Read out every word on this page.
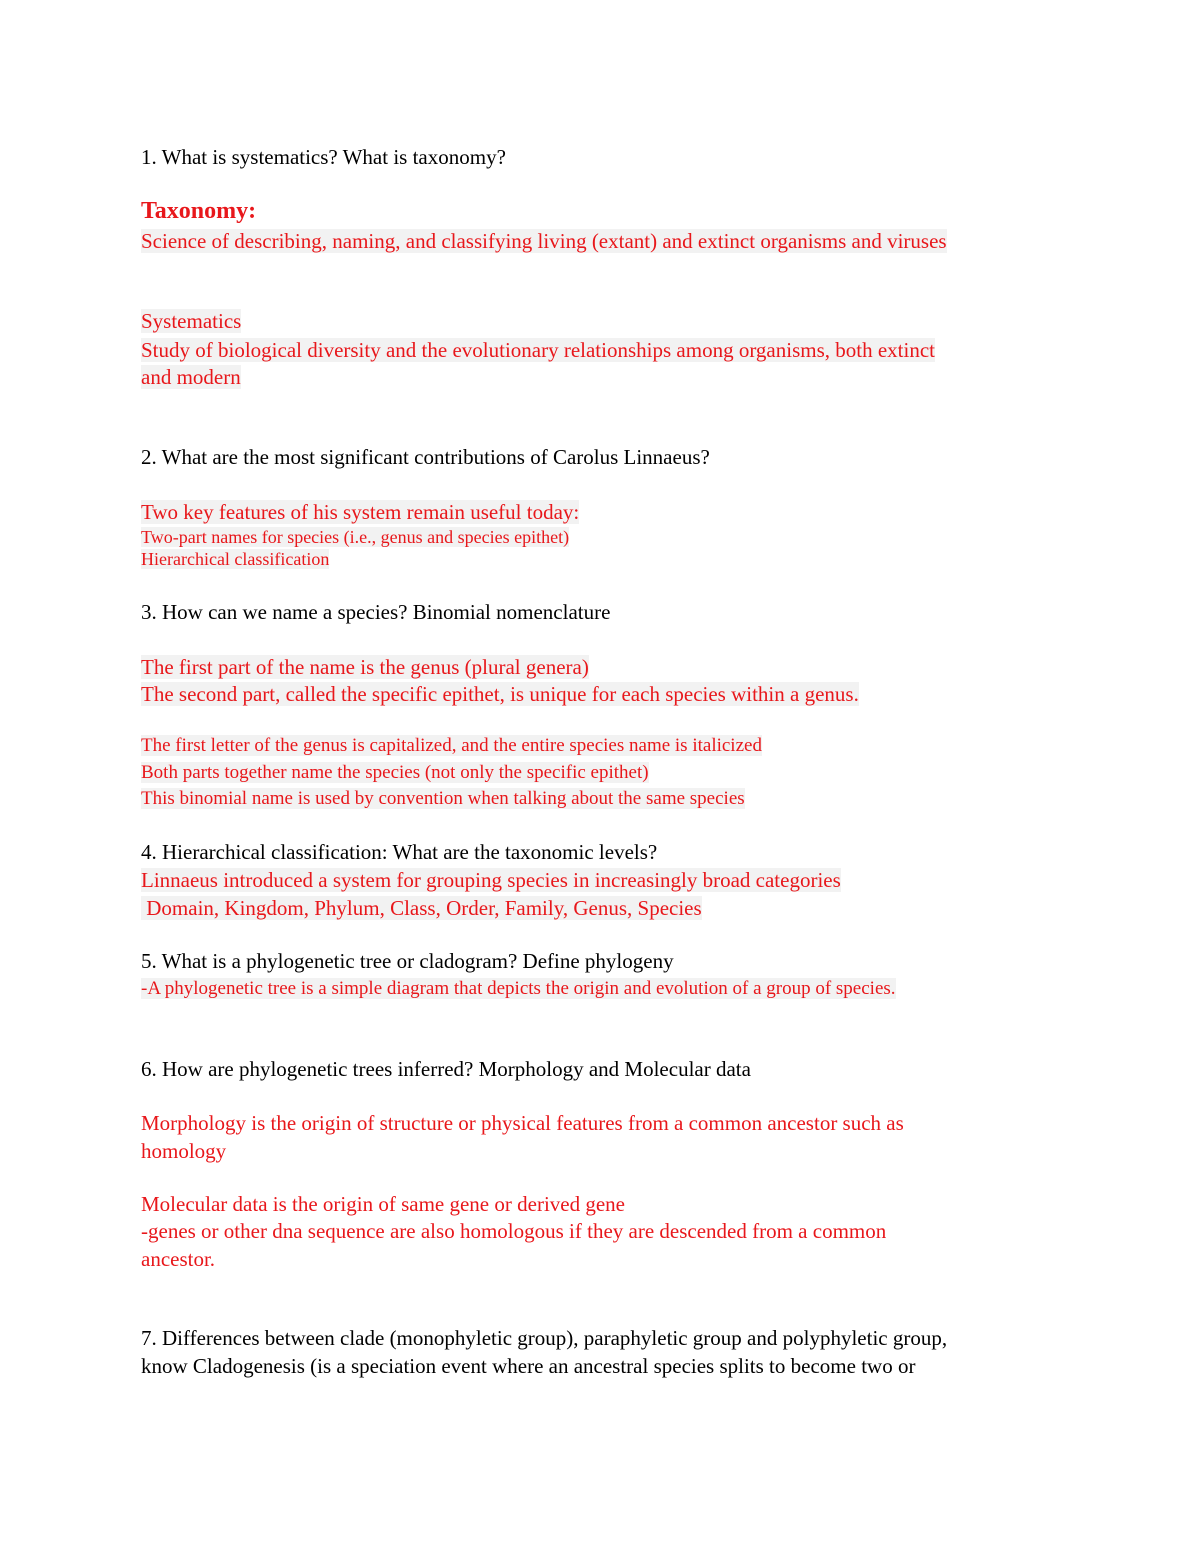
1. What is systematics? What is taxonomy?
Taxonomy:
Science of describing, naming, and classifying living (extant) and extinct organisms and viruses
Systematics
Study of biological diversity and the evolutionary relationships among organisms, both extinct
and modern
2. What are the most significant contributions of Carolus Linnaeus?
Two key features of his system remain useful today:
Two-part names for species (i.e., genus and species epithet)
Hierarchical classification
3. How can we name a species? Binomial nomenclature
The first part of the name is the genus (plural genera)
The second part, called the specific epithet, is unique for each species within a genus.
The first letter of the genus is capitalized, and the entire species name is italicized
Both parts together name the species (not only the specific epithet)
This binomial name is used by convention when talking about the same species
4. Hierarchical classification: What are the taxonomic levels?
Linnaeus introduced a system for grouping species in increasingly broad categories
Domain, Kingdom, Phylum, Class, Order, Family, Genus, Species
5. What is a phylogenetic tree or cladogram? Define phylogeny
-A phylogenetic tree is a simple diagram that depicts the origin and evolution of a group of species.
6. How are phylogenetic trees inferred? Morphology and Molecular data
Morphology is the origin of structure or physical features from a common ancestor such as
homology
Molecular data is the origin of same gene or derived gene
-genes or other dna sequence are also homologous if they are descended from a common
ancestor.
7. Differences between clade (monophyletic group), paraphyletic group and polyphyletic group,
know Cladogenesis (is a speciation event where an ancestral species splits to become two or
